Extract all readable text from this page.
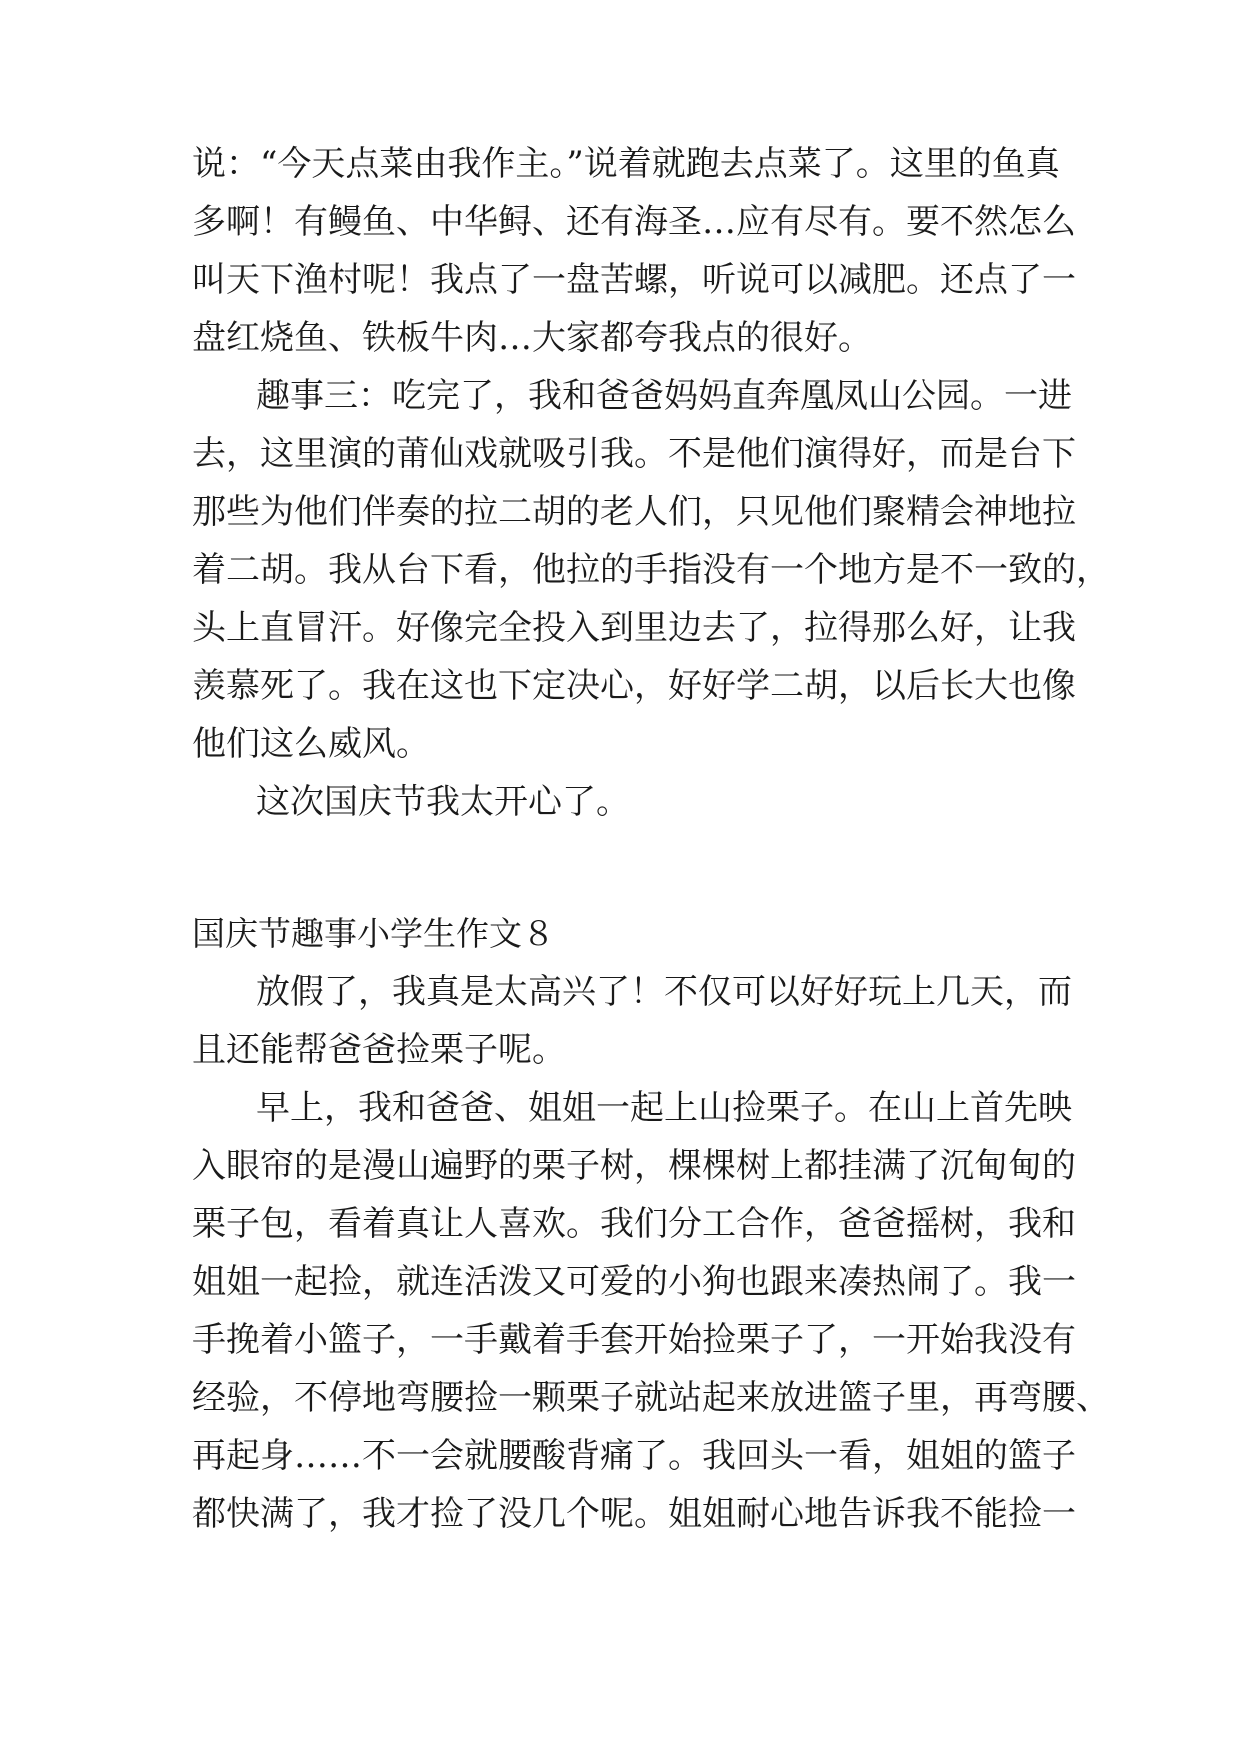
说：“今天点菜由我作主。”说着就跑去点菜了。这里的鱼真
多啊！有鳗鱼、中华鲟、还有海圣…应有尽有。要不然怎么
叫天下渔村呢！我点了一盘苦螺，听说可以减肥。还点了一
盘红烧鱼、铁板牛肉…大家都夸我点的很好。
趣事三：吃完了，我和爸爸妈妈直奔凰凤山公园。一进
去，这里演的莆仙戏就吸引我。不是他们演得好，而是台下
那些为他们伴奏的拉二胡的老人们，只见他们聚精会神地拉
着二胡。我从台下看，他拉的手指没有一个地方是不一致的，
头上直冒汗。好像完全投入到里边去了，拉得那么好，让我
羡慕死了。我在这也下定决心，好好学二胡，以后长大也像
他们这么威风。
这次国庆节我太开心了。
国庆节趣事小学生作文８
放假了，我真是太高兴了！不仅可以好好玩上几天，而
且还能帮爸爸捡栗子呢。
早上，我和爸爸、姐姐一起上山捡栗子。在山上首先映
入眼帘的是漫山遍野的栗子树，棵棵树上都挂满了沉甸甸的
栗子包，看着真让人喜欢。我们分工合作，爸爸摇树，我和
姐姐一起捡，就连活泼又可爱的小狗也跟来凑热闹了。我一
手挽着小篮子，一手戴着手套开始捡栗子了，一开始我没有
经验，不停地弯腰捡一颗栗子就站起来放进篮子里，再弯腰、
再起身……不一会就腰酸背痛了。我回头一看，姐姐的篮子
都快满了，我才捡了没几个呢。姐姐耐心地告诉我不能捡一
